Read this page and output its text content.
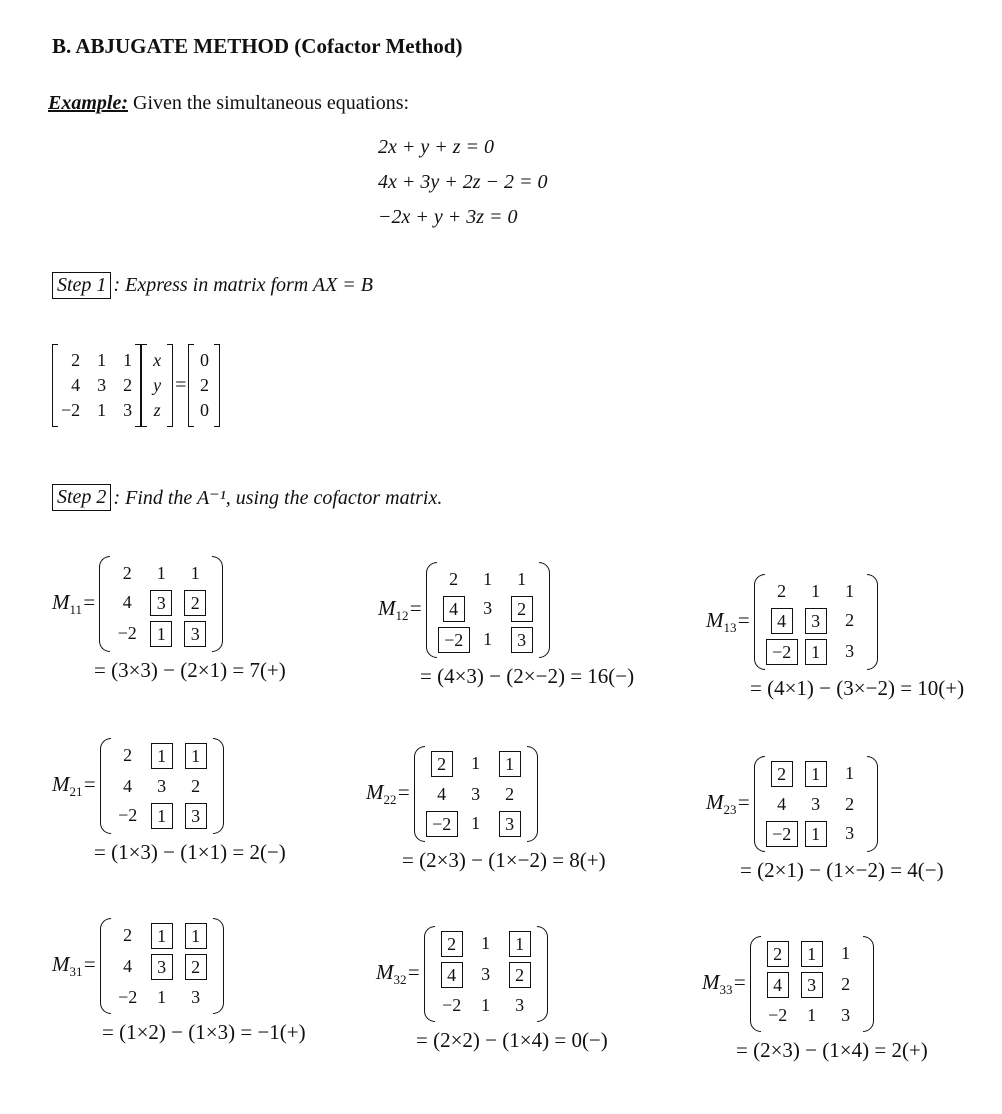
B. ABJUGATE METHOD (Cofactor Method)
Example: Given the simultaneous equations:
2x + y + z = 0
4x + 3y + 2z − 2 = 0
−2x + y + 3z = 0
Step 1 : Express in matrix form AX = B
2 1 1
4 3 2
−2 1 3
x
y
z
=
0
2
0
Step 2 : Find the A⁻¹, using the cofactor matrix.
$M_{11}=$
2	1	1
4	3	2
−2	1	3
= (3×3) − (2×1) = 7(+)
$M_{12}=$
2	1	1
4	3	2
−2	1	3
= (4×3) − (2×−2) = 16(−)
$M_{13}=$
2	1	1
4	3	2
−2	1	3
= (4×1) − (3×−2) = 10(+)
$M_{21}=$
2	1	1
4	3	2
−2	1	3
= (1×3) − (1×1) = 2(−)
$M_{22}=$
2	1	1
4	3	2
−2	1	3
= (2×3) − (1×−2) = 8(+)
$M_{23}=$
2	1	1
4	3	2
−2	1	3
= (2×1) − (1×−2) = 4(−)
$M_{31}=$
2	1	1
4	3	2
−2	1	3
= (1×2) − (1×3) = −1(+)
$M_{32}=$
2	1	1
4	3	2
−2	1	3
= (2×2) − (1×4) = 0(−)
$M_{33}=$
2	1	1
4	3	2
−2	1	3
= (2×3) − (1×4) = 2(+)
